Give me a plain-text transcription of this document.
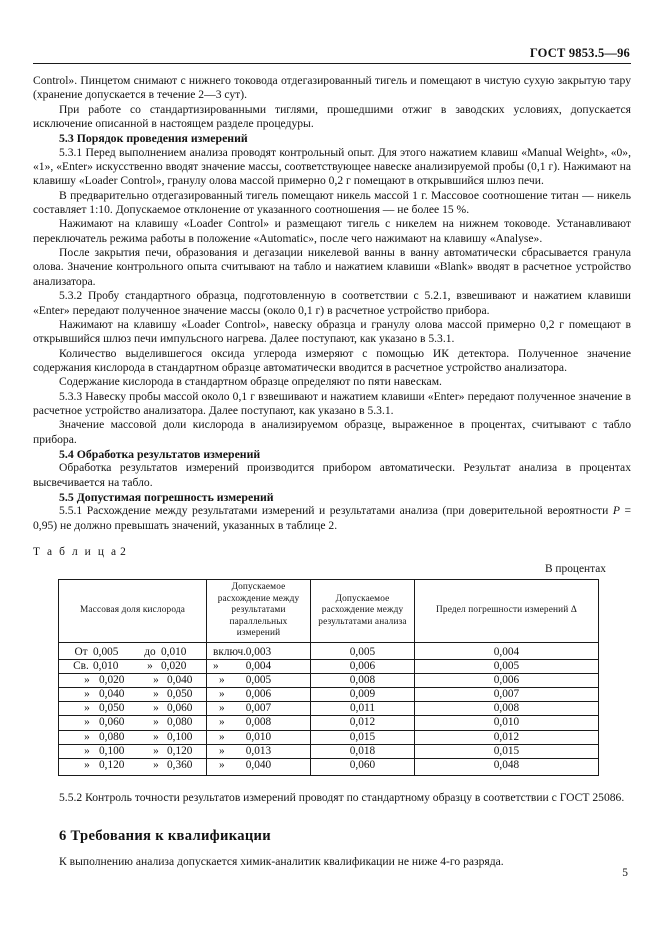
ГОСТ 9853.5—96

Control». Пинцетом снимают с нижнего тоководa отдегазированный тигель и помещают в чистую сухую закрытую тару (хранение допускается в течение 2—3 сут).

При работе со стандартизированными тиглями, прошедшими отжиг в заводских условиях, допускается исключение описанной в настоящем разделе процедуры.

5.3 Порядок проведения измерений

5.3.1 Перед выполнением анализа проводят контрольный опыт. Для этого нажатием клавиш «Manual Weight», «0», «1», «Enter» искусственно вводят значение массы, соответствующее навеске анализируемой пробы (0,1 г). Нажимают на клавишу «Loader Control», гранулу олова массой примерно 0,2 г помещают в открывшийся шлюз печи.

В предварительно отдегазированный тигель помещают никель массой 1 г. Массовое соотношение титан — никель составляет 1:10. Допускаемое отклонение от указанного соотношения — не более 15 %.

Нажимают на клавишу «Loader Control» и размещают тигель с никелем на нижнем тоководе. Устанавливают переключатель режима работы в положение «Automatic», после чего нажимают на клавишу «Analyse».

После закрытия печи, образования и дегазации никелевой ванны в ванну автоматически сбрасывается гранула олова. Значение контрольного опыта считывают на табло и нажатием клавиши «Blank» вводят в расчетное устройство анализатора.

5.3.2 Пробу стандартного образца, подготовленную в соответствии с 5.2.1, взвешивают и нажатием клавиши «Enter» передают полученное значение массы (около 0,1 г) в расчетное устройство прибора.

Нажимают на клавишу «Loader Control», навеску образца и гранулу олова массой примерно 0,2 г помещают в открывшийся шлюз печи импульсного нагрева. Далее поступают, как указано в 5.3.1.

Количество выделившегося оксида углерода измеряют с помощью ИК детектора. Полученное значение содержания кислорода в стандартном образце автоматически вводится в расчетное устройство анализатора.

Содержание кислорода в стандартном образце определяют по пяти навескам.

5.3.3 Навеску пробы массой около 0,1 г взвешивают и нажатием клавиши «Enter» передают полученное значение в расчетное устройство анализатора. Далее поступают, как указано в 5.3.1.

Значение массовой доли кислорода в анализируемом образце, выраженное в процентах, считывают с табло прибора.

5.4 Обработка результатов измерений

Обработка результатов измерений производится прибором автоматически. Результат анализа в процентах высвечивается на табло.

5.5 Допустимая погрешность измерений

5.5.1 Расхождение между результатами измерений и результатами анализа (при доверительной вероятности P = 0,95) не должно превышать значений, указанных в таблице 2.

Т а б л и ц а 2
В процентах
Массовая доля кислорода	Допускаемое расхождение между результатами параллельных измерений	Допускаемое расхождение между результатами анализа	Предел погрешности измерений Δ
От 0,005 до 0,010 включ.	0,003	0,005	0,004
Св. 0,010 » 0,020 »	0,004	0,006	0,005
» 0,020 » 0,040 »	0,005	0,008	0,006
» 0,040 » 0,050 »	0,006	0,009	0,007
» 0,050 » 0,060 »	0,007	0,011	0,008
» 0,060 » 0,080 »	0,008	0,012	0,010
» 0,080 » 0,100 »	0,010	0,015	0,012
» 0,100 » 0,120 »	0,013	0,018	0,015
» 0,120 » 0,360 »	0,040	0,060	0,048

5.5.2 Контроль точности результатов измерений проводят по стандартному образцу в соответствии с ГОСТ 25086.

6 Требования к квалификации

К выполнению анализа допускается химик-аналитик квалификации не ниже 4-го разряда.

5
